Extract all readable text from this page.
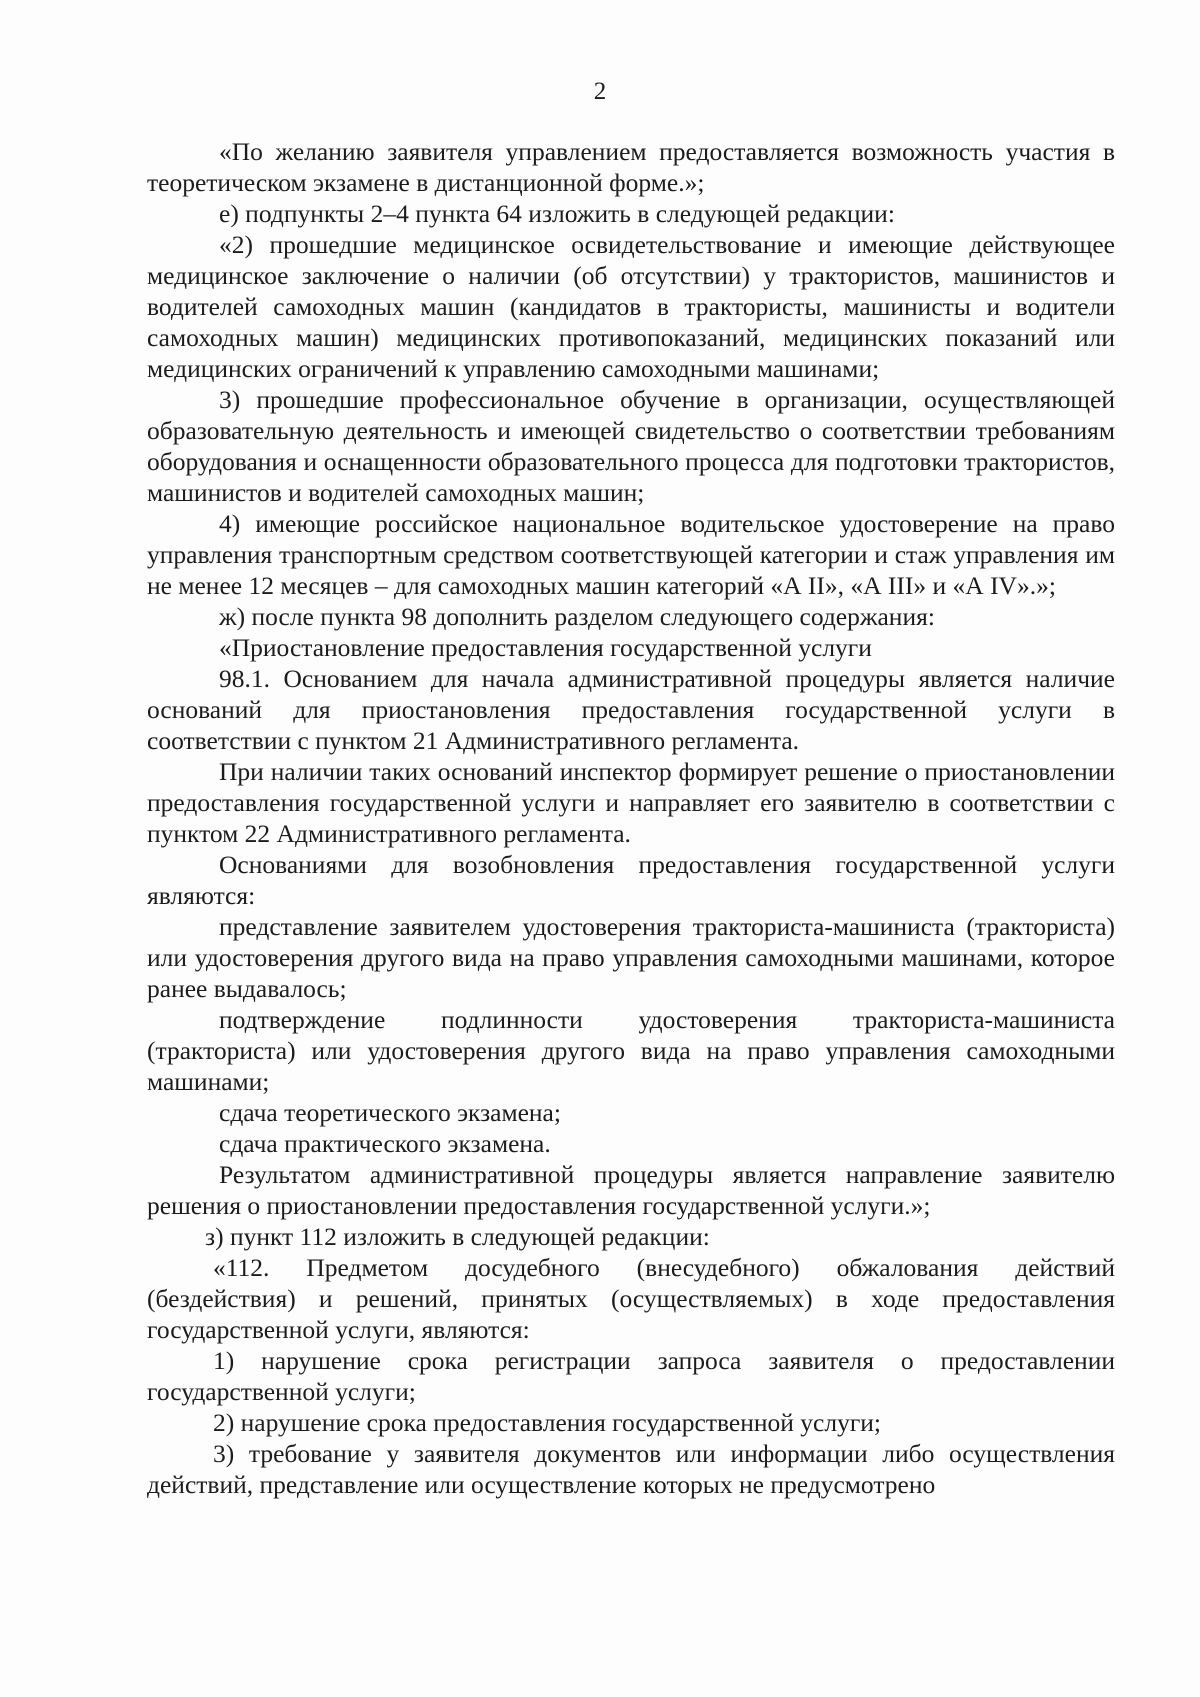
2

«По желанию заявителя управлением предоставляется возможность участия в теоретическом экзамене в дистанционной форме.»;

е) подпункты 2–4 пункта 64 изложить в следующей редакции:

«2) прошедшие медицинское освидетельствование и имеющие действующее медицинское заключение о наличии (об отсутствии) у трактористов, машинистов и водителей самоходных машин (кандидатов в трактористы, машинисты и водители самоходных машин) медицинских противопоказаний, медицинских показаний или медицинских ограничений к управлению самоходными машинами;

3) прошедшие профессиональное обучение в организации, осуществляющей образовательную деятельность и имеющей свидетельство о соответствии требованиям оборудования и оснащенности образовательного процесса для подготовки трактористов, машинистов и водителей самоходных машин;

4) имеющие российское национальное водительское удостоверение на право управления транспортным средством соответствующей категории и стаж управления им не менее 12 месяцев – для самоходных машин категорий «А II», «А III» и «А IV».»;

ж) после пункта 98 дополнить разделом следующего содержания:

«Приостановление предоставления государственной услуги

98.1. Основанием для начала административной процедуры является наличие оснований для приостановления предоставления государственной услуги в соответствии с пунктом 21 Административного регламента.

При наличии таких оснований инспектор формирует решение о приостановлении предоставления государственной услуги и направляет его заявителю в соответствии с пунктом 22 Административного регламента.

Основаниями для возобновления предоставления государственной услуги являются:

представление заявителем удостоверения тракториста-машиниста (тракториста) или удостоверения другого вида на право управления самоходными машинами, которое ранее выдавалось;

подтверждение подлинности удостоверения тракториста-машиниста (тракториста) или удостоверения другого вида на право управления самоходными машинами;

сдача теоретического экзамена;

сдача практического экзамена.

Результатом административной процедуры является направление заявителю решения о приостановлении предоставления государственной услуги.»;

з) пункт 112 изложить в следующей редакции:

«112. Предметом досудебного (внесудебного) обжалования действий (бездействия) и решений, принятых (осуществляемых) в ходе предоставления государственной услуги, являются:

1) нарушение срока регистрации запроса заявителя о предоставлении государственной услуги;

2) нарушение срока предоставления государственной услуги;

3) требование у заявителя документов или информации либо осуществления действий, представление или осуществление которых не предусмотрено
